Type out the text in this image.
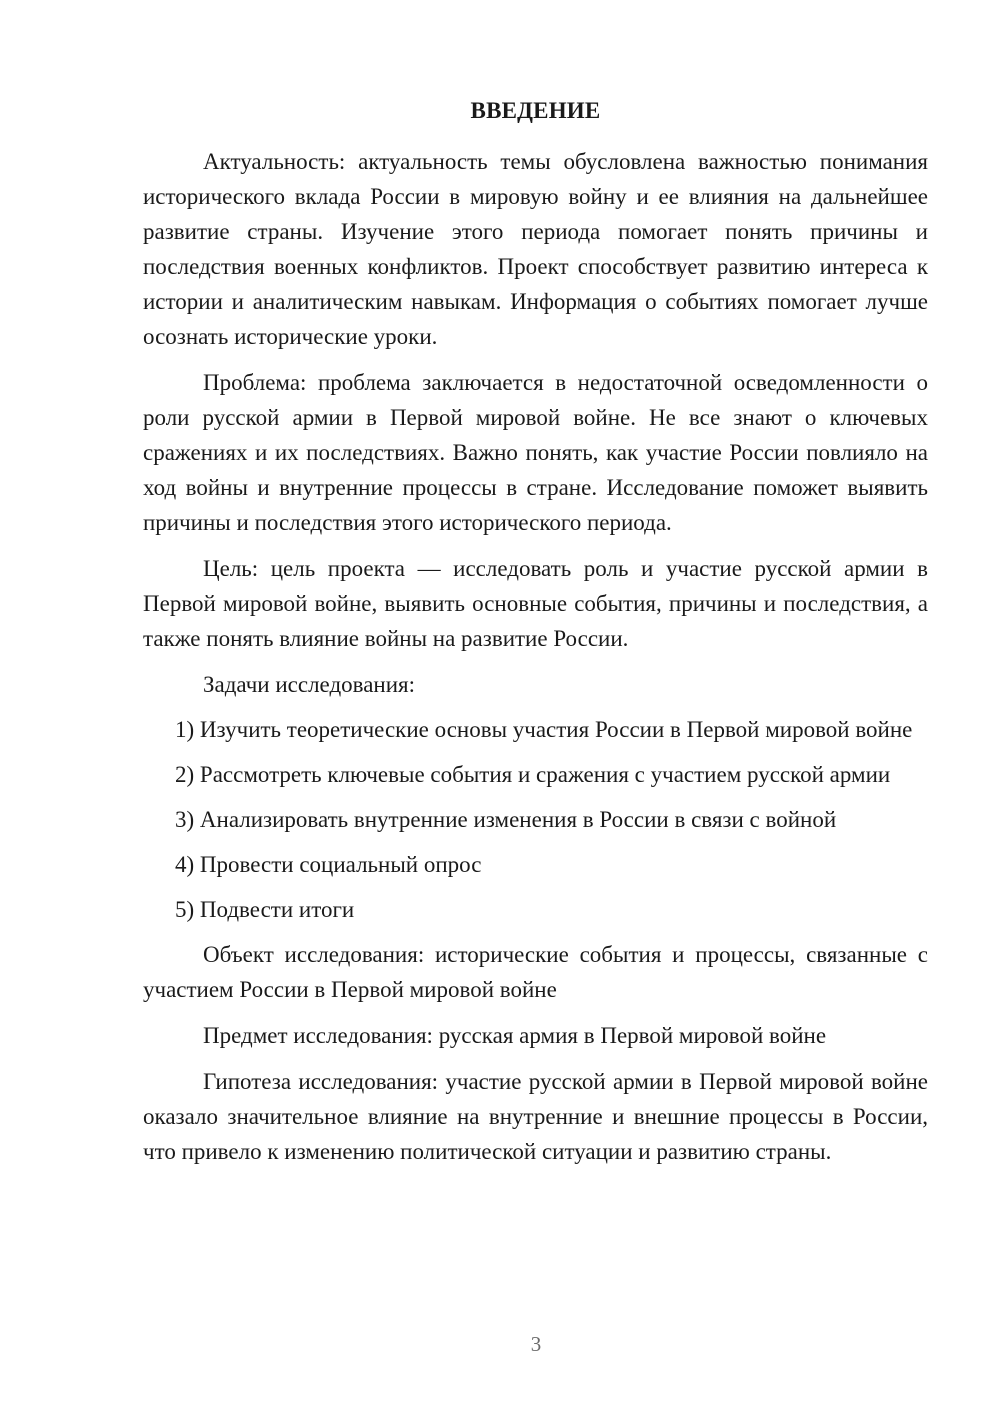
ВВЕДЕНИЕ

Актуальность: актуальность темы обусловлена важностью понимания исторического вклада России в мировую войну и ее влияния на дальнейшее развитие страны. Изучение этого периода помогает понять причины и последствия военных конфликтов. Проект способствует развитию интереса к истории и аналитическим навыкам. Информация о событиях помогает лучше осознать исторические уроки.

Проблема: проблема заключается в недостаточной осведомленности о роли русской армии в Первой мировой войне. Не все знают о ключевых сражениях и их последствиях. Важно понять, как участие России повлияло на ход войны и внутренние процессы в стране. Исследование поможет выявить причины и последствия этого исторического периода.

Цель: цель проекта — исследовать роль и участие русской армии в Первой мировой войне, выявить основные события, причины и последствия, а также понять влияние войны на развитие России.

Задачи исследования:

1) Изучить теоретические основы участия России в Первой мировой войне

2) Рассмотреть ключевые события и сражения с участием русской армии

3) Анализировать внутренние изменения в России в связи с войной

4) Провести социальный опрос

5) Подвести итоги

Объект исследования: исторические события и процессы, связанные с участием России в Первой мировой войне

Предмет исследования: русская армия в Первой мировой войне

Гипотеза исследования: участие русской армии в Первой мировой войне оказало значительное влияние на внутренние и внешние процессы в России, что привело к изменению политической ситуации и развитию страны.

3
